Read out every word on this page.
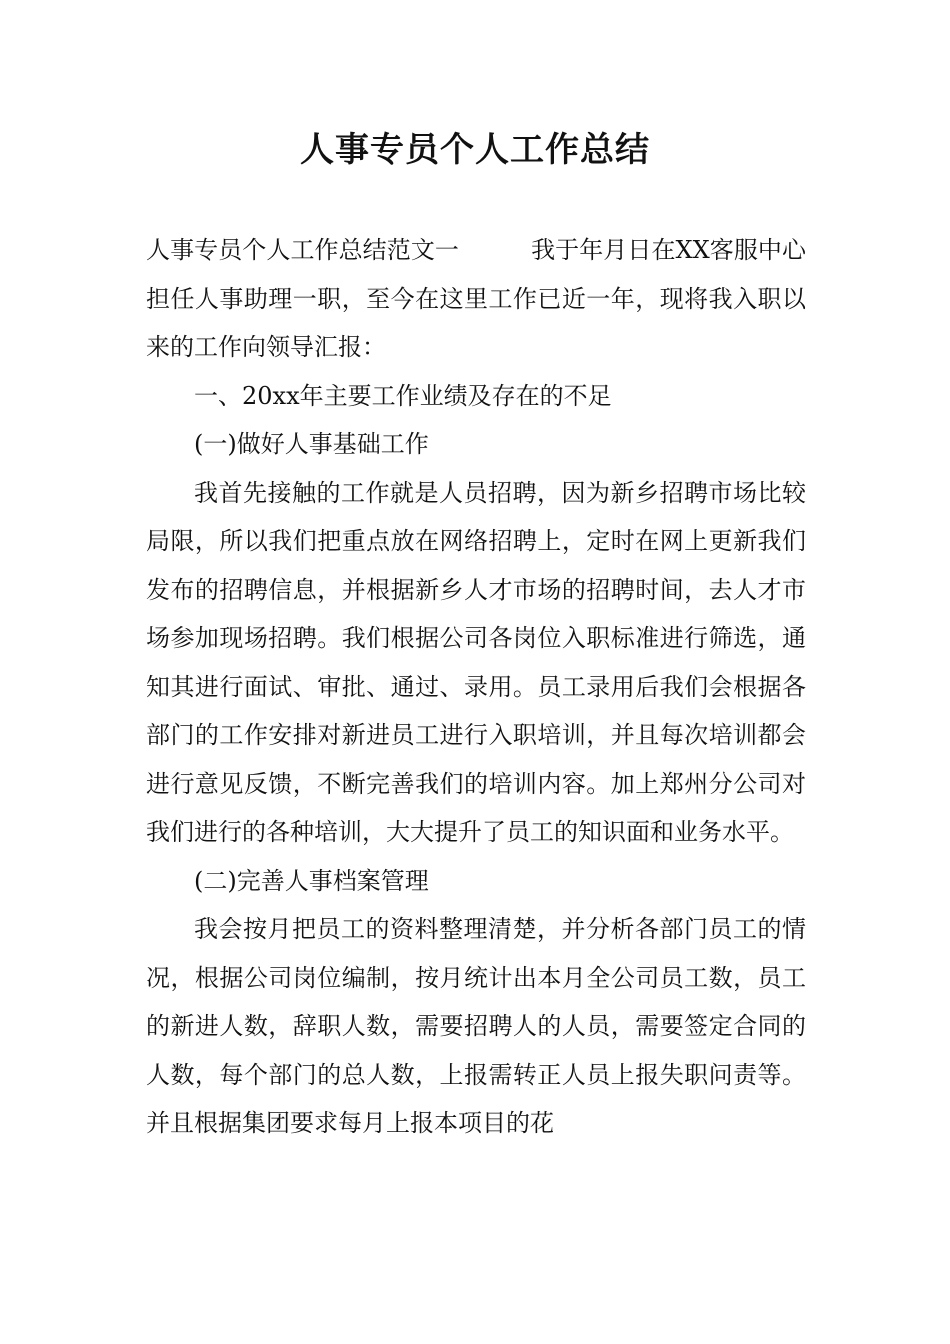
人事专员个人工作总结

人事专员个人工作总结范文一	我于年月日在XX客服中心担任人事助理一职，至今在这里工作已近一年，现将我入职以来的工作向领导汇报：

一、20xx年主要工作业绩及存在的不足

(一)做好人事基础工作

我首先接触的工作就是人员招聘，因为新乡招聘市场比较局限，所以我们把重点放在网络招聘上，定时在网上更新我们发布的招聘信息，并根据新乡人才市场的招聘时间，去人才市场参加现场招聘。我们根据公司各岗位入职标准进行筛选，通知其进行面试、审批、通过、录用。员工录用后我们会根据各部门的工作安排对新进员工进行入职培训，并且每次培训都会进行意见反馈，不断完善我们的培训内容。加上郑州分公司对我们进行的各种培训，大大提升了员工的知识面和业务水平。

(二)完善人事档案管理

我会按月把员工的资料整理清楚，并分析各部门员工的情况，根据公司岗位编制，按月统计出本月全公司员工数，员工的新进人数，辞职人数，需要招聘人的人员，需要签定合同的人数，每个部门的总人数，上报需转正人员上报失职问责等。并且根据集团要求每月上报本项目的花
